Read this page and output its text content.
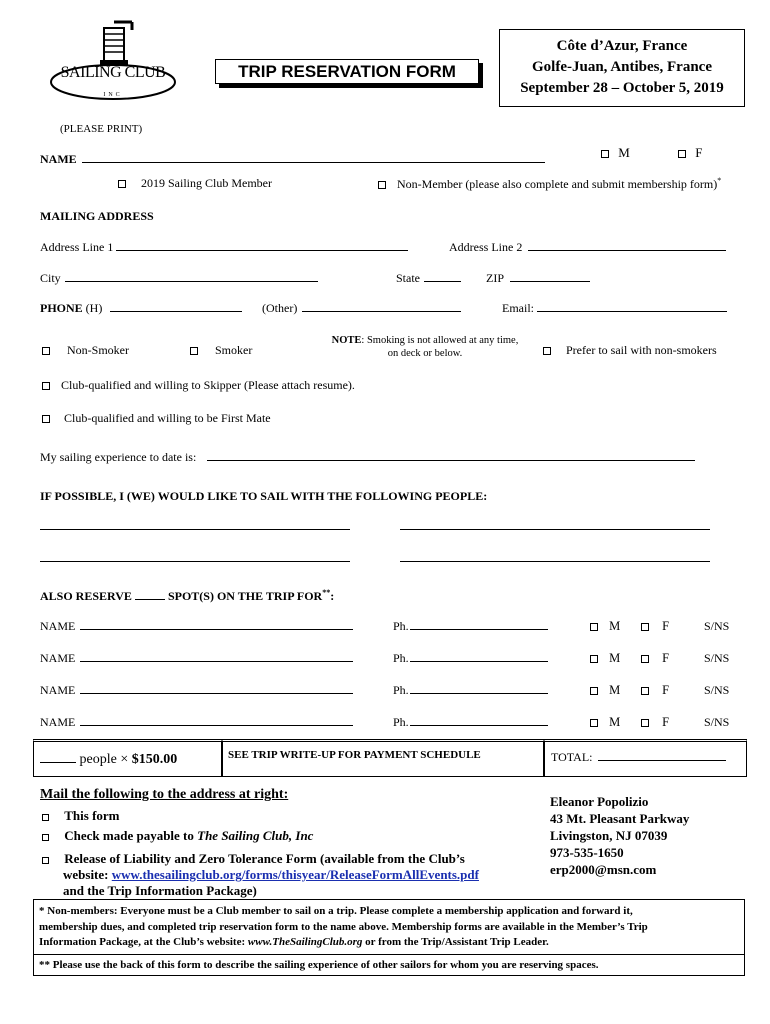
SAILING CLUB
INC
TRIP RESERVATION FORM
Côte d’Azur, France
Golfe-Juan, Antibes, France
September 28 – October 5, 2019
(PLEASE PRINT)
NAME	M	F
2019 Sailing Club Member	Non-Member (please also complete and submit membership form)*
MAILING ADDRESS
Address Line 1	Address Line 2
City	State	ZIP
PHONE (H)	(Other)	Email:
Non-Smoker	Smoker
NOTE: Smoking is not allowed at any time,
on deck or below.	Prefer to sail with non-smokers
Club-qualified and willing to Skipper (Please attach resume).
Club-qualified and willing to be First Mate
My sailing experience to date is:
IF POSSIBLE, I (WE) WOULD LIKE TO SAIL WITH THE FOLLOWING PEOPLE:
ALSO RESERVE	SPOT(S) ON THE TRIP FOR**:
NAME	Ph.	M	F	S/NS
NAME	Ph.	M	F	S/NS
NAME	Ph.	M	F	S/NS
NAME	Ph.	M	F	S/NS
people × $150.00	SEE TRIP WRITE-UP FOR PAYMENT SCHEDULE	TOTAL:
Mail the following to the address at right:
This form
Check made payable to The Sailing Club, Inc
Release of Liability and Zero Tolerance Form (available from the Club’s
website: www.thesailingclub.org/forms/thisyear/ReleaseFormAllEvents.pdf
and the Trip Information Package)
Eleanor Popolizio
43 Mt. Pleasant Parkway
Livingston, NJ 07039
973-535-1650
erp2000@msn.com
* Non-members: Everyone must be a Club member to sail on a trip. Please complete a membership application and forward it,
membership dues, and completed trip reservation form to the name above. Membership forms are available in the Member’s Trip
Information Package, at the Club’s website: www.TheSailingClub.org or from the Trip/Assistant Trip Leader.
** Please use the back of this form to describe the sailing experience of other sailors for whom you are reserving spaces.
